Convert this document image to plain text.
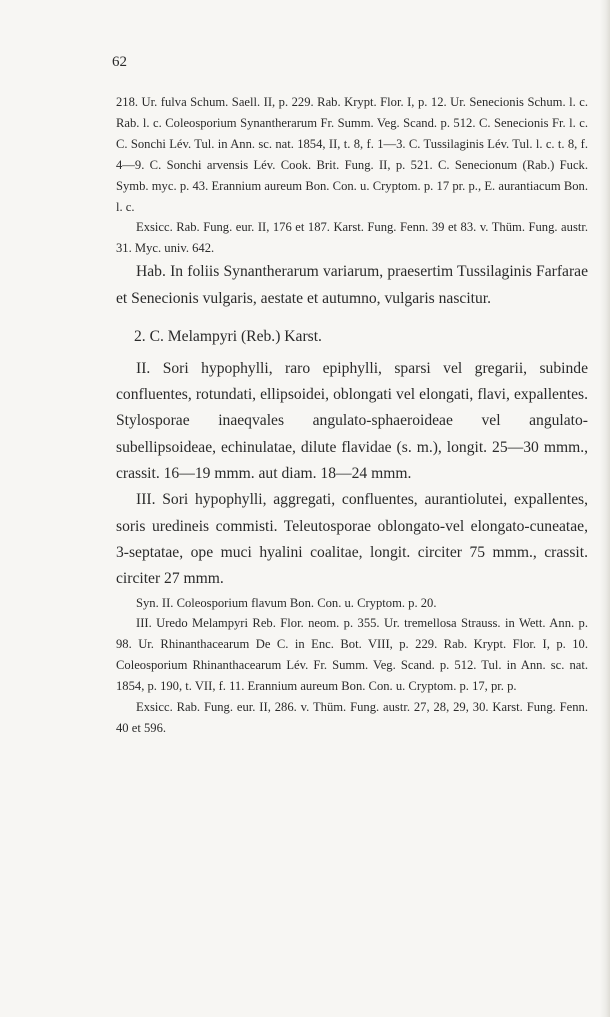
62

218. Ur. fulva Schum. Saell. II, p. 229. Rab. Krypt. Flor. I, p. 12. Ur. Senecionis Schum. l. c. Rab. l. c. Coleosporium Synantherarum Fr. Summ. Veg. Scand. p. 512. C. Senecionis Fr. l. c. C. Sonchi Lév. Tul. in Ann. sc. nat. 1854, II, t. 8, f. 1—3. C. Tussilaginis Lév. Tul. l. c. t. 8, f. 4—9. C. Sonchi arvensis Lév. Cook. Brit. Fung. II, p. 521. C. Senecionum (Rab.) Fuck. Symb. myc. p. 43. Erannium aureum Bon. Con. u. Cryptom. p. 17 pr. p., E. aurantiacum Bon. l. c.

Exsicc. Rab. Fung. eur. II, 176 et 187. Karst. Fung. Fenn. 39 et 83. v. Thüm. Fung. austr. 31. Myc. univ. 642.

Hab. In foliis Synantherarum variarum, praesertim Tussilaginis Farfarae et Senecionis vulgaris, aestate et autumno, vulgaris nascitur.

2. C. Melampyri (Reb.) Karst.

II. Sori hypophylli, raro epiphylli, sparsi vel gregarii, subinde confluentes, rotundati, ellipsoidei, oblongati vel elongati, flavi, expallentes. Stylosporae inaeqvales angulato-sphaeroideae vel angulato-subellipsoideae, echinulatae, dilute flavidae (s. m.), longit. 25—30 mmm., crassit. 16—19 mmm. aut diam. 18—24 mmm.

III. Sori hypophylli, aggregati, confluentes, aurantiolutei, expallentes, soris uredineis commisti. Teleutosporae oblongato-vel elongato-cuneatae, 3-septatae, ope muci hyalini coalitae, longit. circiter 75 mmm., crassit. circiter 27 mmm.

Syn. II. Coleosporium flavum Bon. Con. u. Cryptom. p. 20.

III. Uredo Melampyri Reb. Flor. neom. p. 355. Ur. tremellosa Strauss. in Wett. Ann. p. 98. Ur. Rhinanthacearum De C. in Enc. Bot. VIII, p. 229. Rab. Krypt. Flor. I, p. 10. Coleosporium Rhinanthacearum Lév. Fr. Summ. Veg. Scand. p. 512. Tul. in Ann. sc. nat. 1854, p. 190, t. VII, f. 11. Erannium aureum Bon. Con. u. Cryptom. p. 17, pr. p.

Exsicc. Rab. Fung. eur. II, 286. v. Thüm. Fung. austr. 27, 28, 29, 30. Karst. Fung. Fenn. 40 et 596.
